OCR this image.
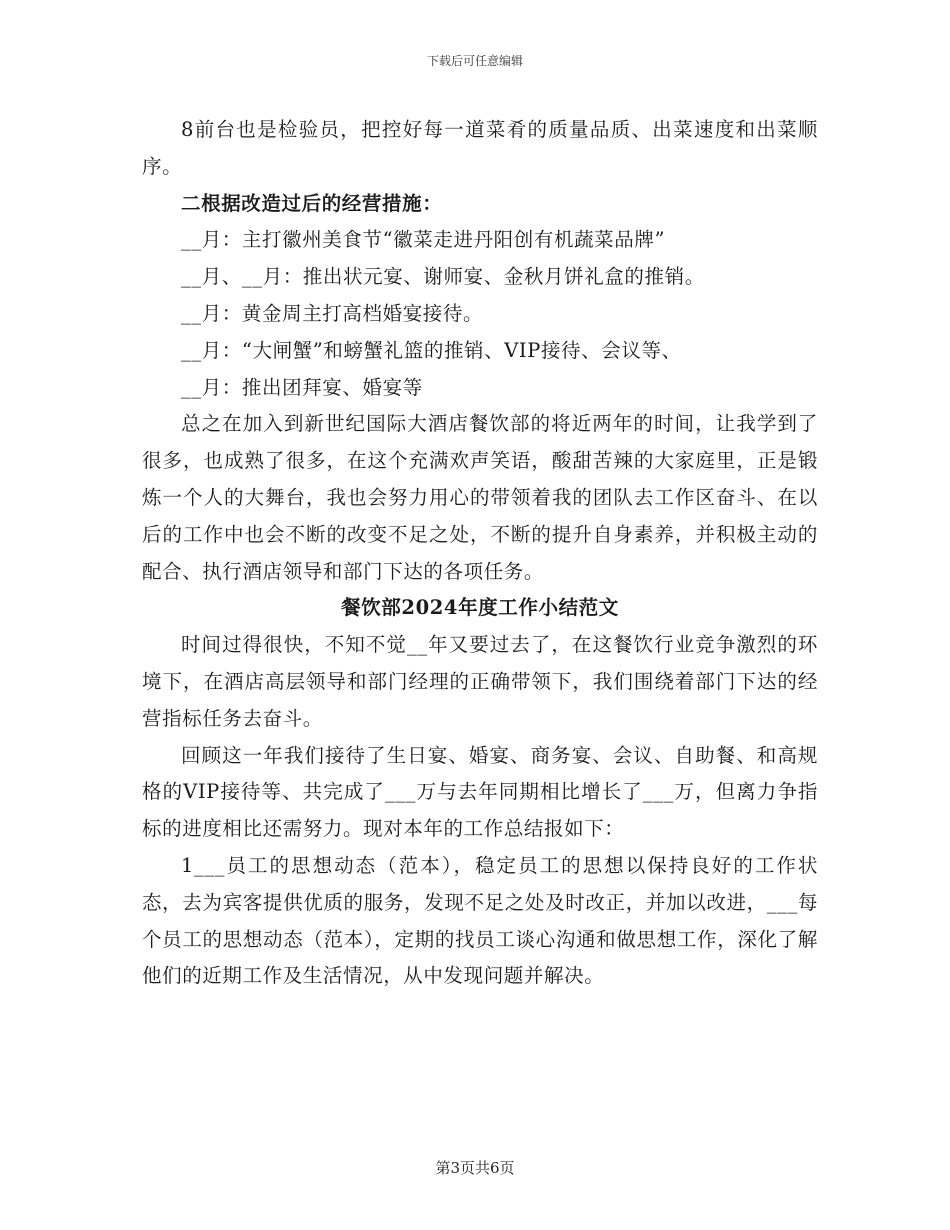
下载后可任意编辑

8前台也是检验员，把控好每一道菜肴的质量品质、出菜速度和出菜顺序。

二根据改造过后的经营措施：

__月：主打徽州美食节“徽菜走进丹阳创有机蔬菜品牌”

__月、__月：推出状元宴、谢师宴、金秋月饼礼盒的推销。

__月：黄金周主打高档婚宴接待。

__月：“大闸蟹”和螃蟹礼篮的推销、VIP接待、会议等、

__月：推出团拜宴、婚宴等

总之在加入到新世纪国际大酒店餐饮部的将近两年的时间，让我学到了很多，也成熟了很多，在这个充满欢声笑语，酸甜苦辣的大家庭里，正是锻炼一个人的大舞台，我也会努力用心的带领着我的团队去工作区奋斗、在以后的工作中也会不断的改变不足之处，不断的提升自身素养，并积极主动的配合、执行酒店领导和部门下达的各项任务。

餐饮部2024年度工作小结范文

时间过得很快，不知不觉__年又要过去了，在这餐饮行业竞争激烈的环境下，在酒店高层领导和部门经理的正确带领下，我们围绕着部门下达的经营指标任务去奋斗。

回顾这一年我们接待了生日宴、婚宴、商务宴、会议、自助餐、和高规格的VIP接待等、共完成了___万与去年同期相比增长了___万，但离力争指标的进度相比还需努力。现对本年的工作总结报如下：

1___员工的思想动态（范本），稳定员工的思想以保持良好的工作状态，去为宾客提供优质的服务，发现不足之处及时改正，并加以改进，___每个员工的思想动态（范本），定期的找员工谈心沟通和做思想工作，深化了解他们的近期工作及生活情况，从中发现问题并解决。

第3页共6页
